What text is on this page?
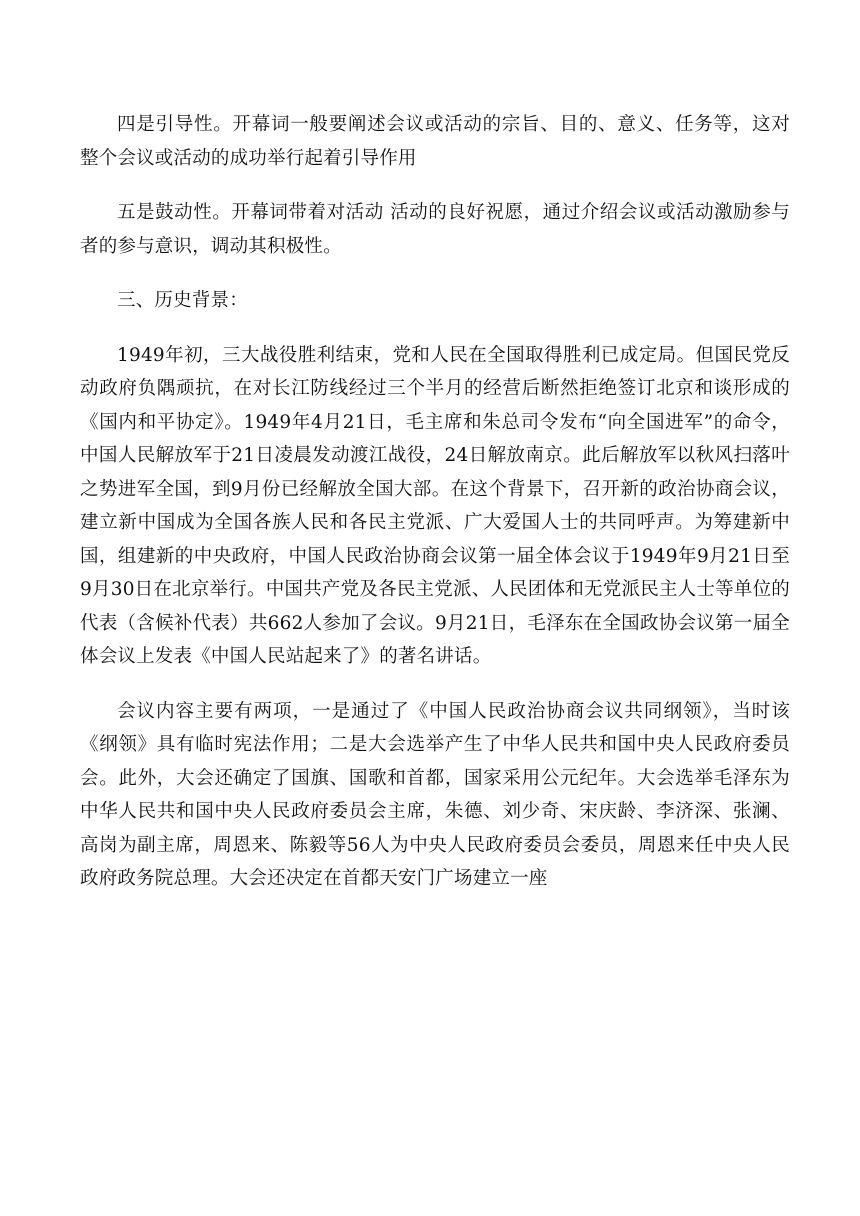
四是引导性。开幕词一般要阐述会议或活动的宗旨、目的、意义、任务等，这对整个会议或活动的成功举行起着引导作用

五是鼓动性。开幕词带着对活动 活动的良好祝愿，通过介绍会议或活动激励参与者的参与意识，调动其积极性。

三、历史背景：

1949年初，三大战役胜利结束，党和人民在全国取得胜利已成定局。但国民党反动政府负隅顽抗，在对长江防线经过三个半月的经营后断然拒绝签订北京和谈形成的《国内和平协定》。1949年4月21日，毛主席和朱总司令发布“向全国进军”的命令，中国人民解放军于21日凌晨发动渡江战役，24日解放南京。此后解放军以秋风扫落叶之势进军全国，到9月份已经解放全国大部。在这个背景下，召开新的政治协商会议，建立新中国成为全国各族人民和各民主党派、广大爱国人士的共同呼声。为筹建新中国，组建新的中央政府，中国人民政治协商会议第一届全体会议于1949年9月21日至9月30日在北京举行。中国共产党及各民主党派、人民团体和无党派民主人士等单位的代表（含候补代表）共662人参加了会议。9月21日，毛泽东在全国政协会议第一届全体会议上发表《中国人民站起来了》的著名讲话。

会议内容主要有两项，一是通过了《中国人民政治协商会议共同纲领》，当时该《纲领》具有临时宪法作用；二是大会选举产生了中华人民共和国中央人民政府委员会。此外，大会还确定了国旗、国歌和首都，国家采用公元纪年。大会选举毛泽东为中华人民共和国中央人民政府委员会主席，朱德、刘少奇、宋庆龄、李济深、张澜、高岗为副主席，周恩来、陈毅等56人为中央人民政府委员会委员，周恩来任中央人民政府政务院总理。大会还决定在首都天安门广场建立一座
